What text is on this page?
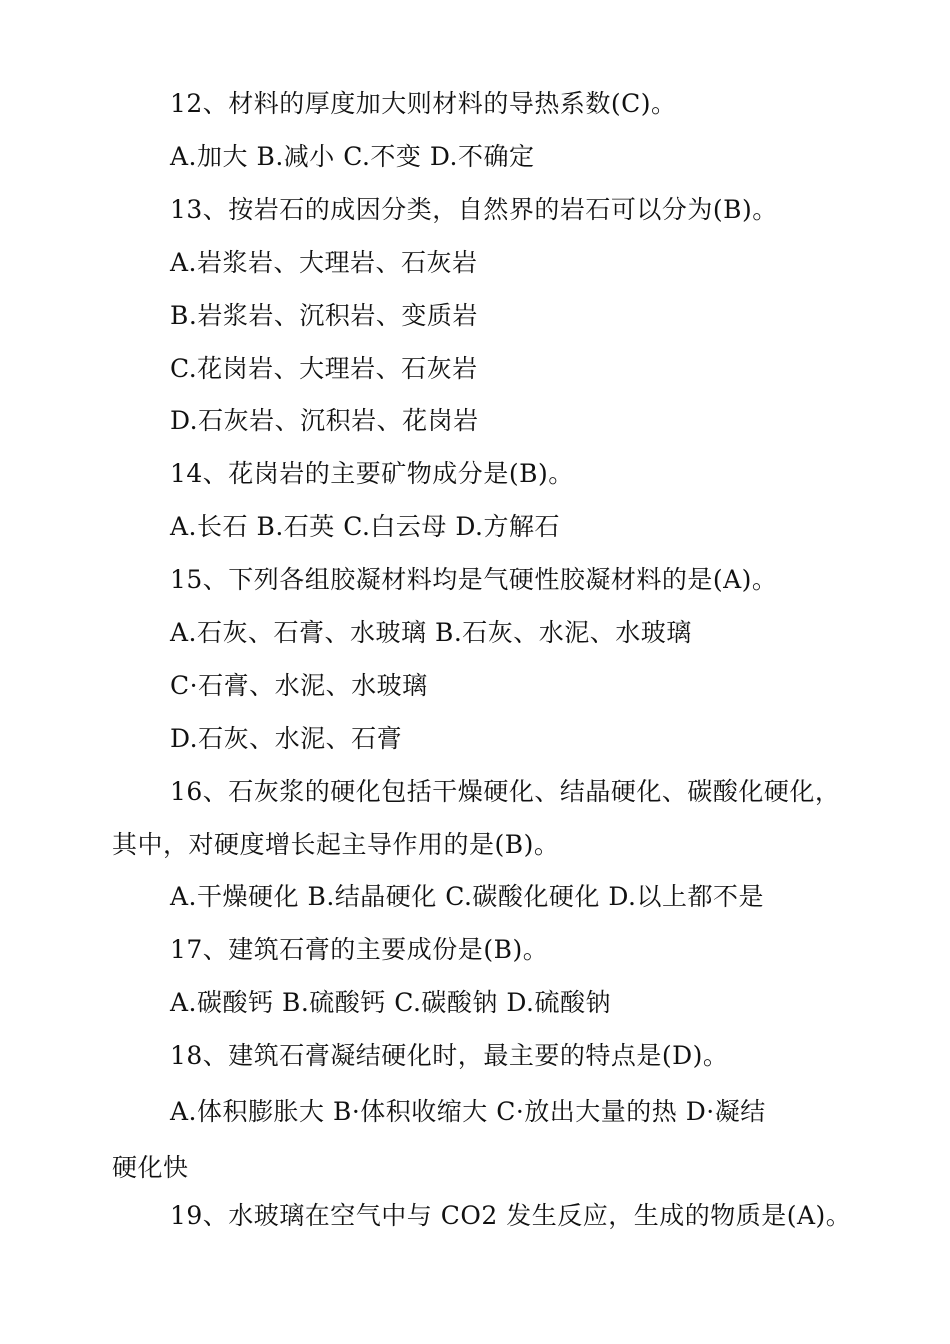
12、材料的厚度加大则材料的导热系数(C)。
A.加大 B.减小 C.不变 D.不确定
13、按岩石的成因分类，自然界的岩石可以分为(B)。
A.岩浆岩、大理岩、石灰岩
B.岩浆岩、沉积岩、变质岩
C.花岗岩、大理岩、石灰岩
D.石灰岩、沉积岩、花岗岩
14、花岗岩的主要矿物成分是(B)。
A.长石 B.石英 C.白云母 D.方解石
15、下列各组胶凝材料均是气硬性胶凝材料的是(A)。
A.石灰、石膏、水玻璃 B.石灰、水泥、水玻璃
C·石膏、水泥、水玻璃
D.石灰、水泥、石膏
16、石灰浆的硬化包括干燥硬化、结晶硬化、碳酸化硬化，
其中，对硬度增长起主导作用的是(B)。
A.干燥硬化 B.结晶硬化 C.碳酸化硬化 D.以上都不是
17、建筑石膏的主要成份是(B)。
A.碳酸钙 B.硫酸钙 C.碳酸钠 D.硫酸钠
18、建筑石膏凝结硬化时，最主要的特点是(D)。
A.体积膨胀大 B·体积收缩大 C·放出大量的热 D·凝结
硬化快
19、水玻璃在空气中与 CO2 发生反应，生成的物质是(A)。
